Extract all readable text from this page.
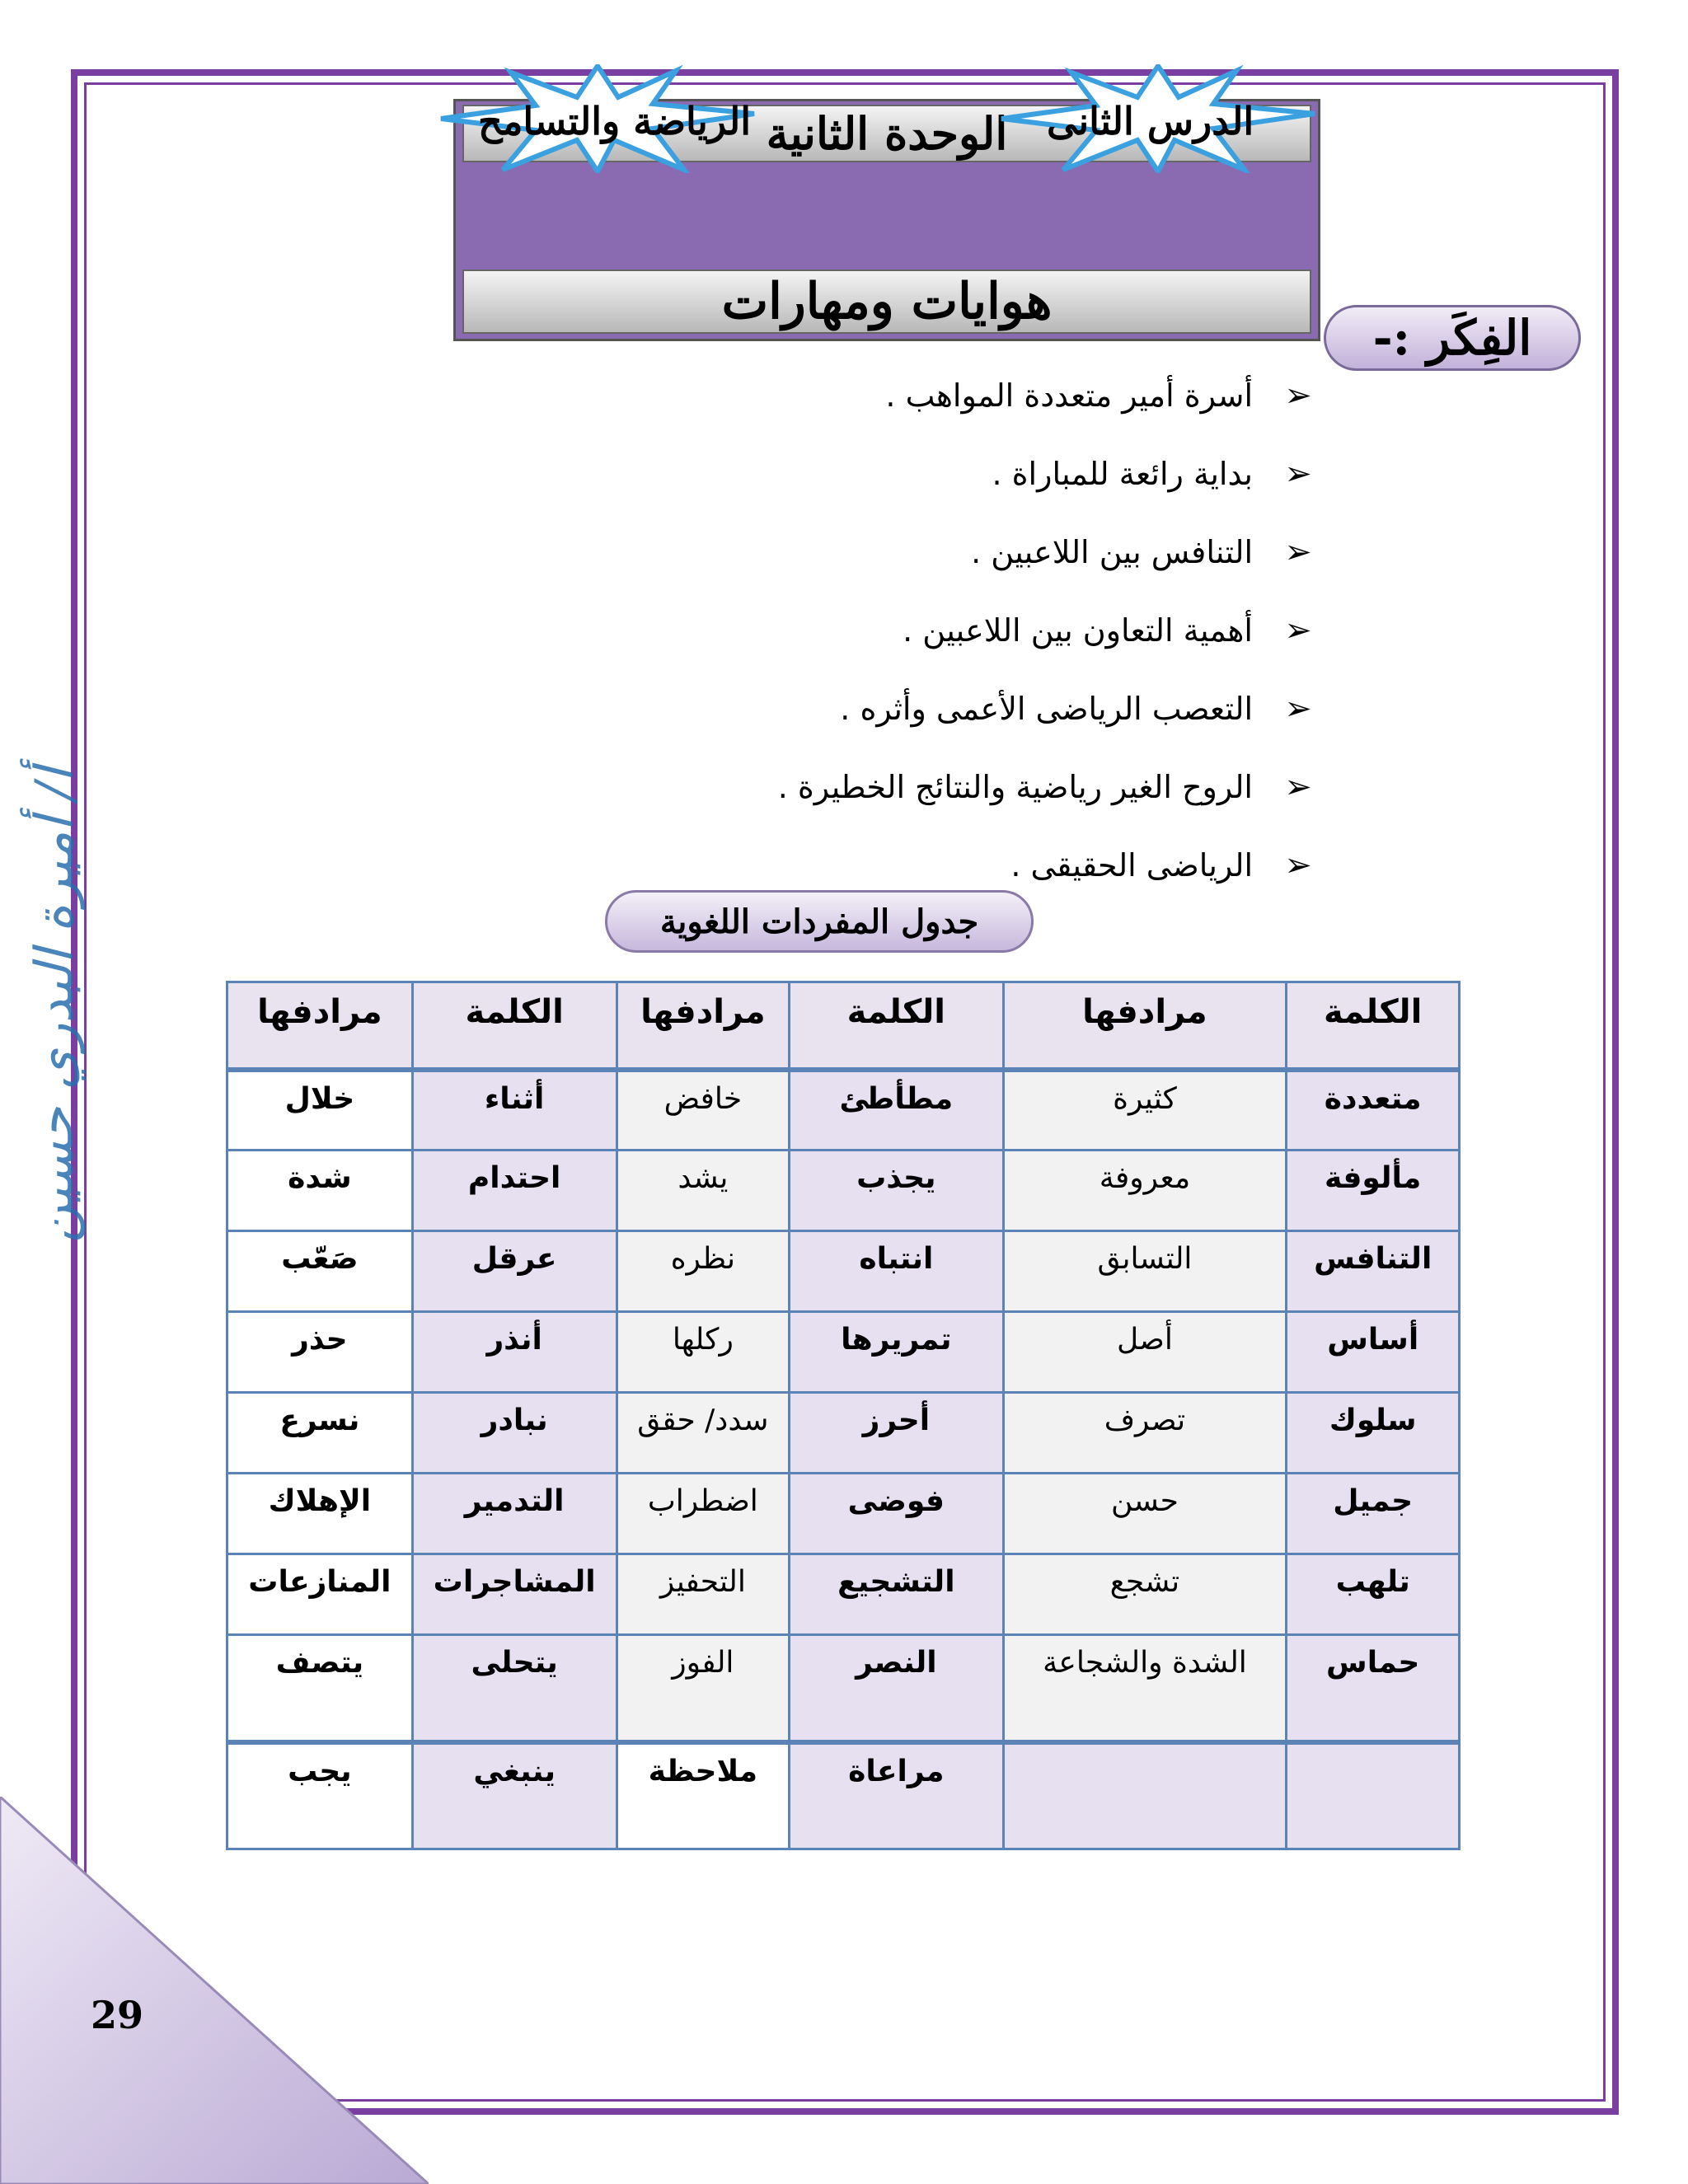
أ/ أميرة البدري حسين
29
الوحدة الثانية
هوايات ومهارات
الرياضة والتسامح	الدرس الثانى
الفِكَر :-
➢
أسرة أمير متعددة المواهب .
➢
بداية رائعة للمباراة .
➢
التنافس بين اللاعبين .
➢
أهمية التعاون بين اللاعبين .
➢
التعصب الرياضى الأعمى وأثره .
➢
الروح الغير رياضية والنتائج الخطيرة .
➢
الرياضى الحقيقى .
جدول المفردات اللغوية
الكلمة	مرادفها	الكلمة	مرادفها	الكلمة	مرادفها
متعددة	كثيرة	مطأطئ	خافض	أثناء	خلال
مألوفة	معروفة	يجذب	يشد	احتدام	شدة
التنافس	التسابق	انتباه	نظره	عرقل	صَعّب
أساس	أصل	تمريرها	ركلها	أنذر	حذر
سلوك	تصرف	أحرز	سدد/ حقق	نبادر	نسرع
جميل	حسن	فوضى	اضطراب	التدمير	الإهلاك
تلهب	تشجع	التشجيع	التحفيز	المشاجرات	المنازعات
حماس	الشدة والشجاعة	النصر	الفوز	يتحلى	يتصف
		مراعاة	ملاحظة	ينبغي	يجب
